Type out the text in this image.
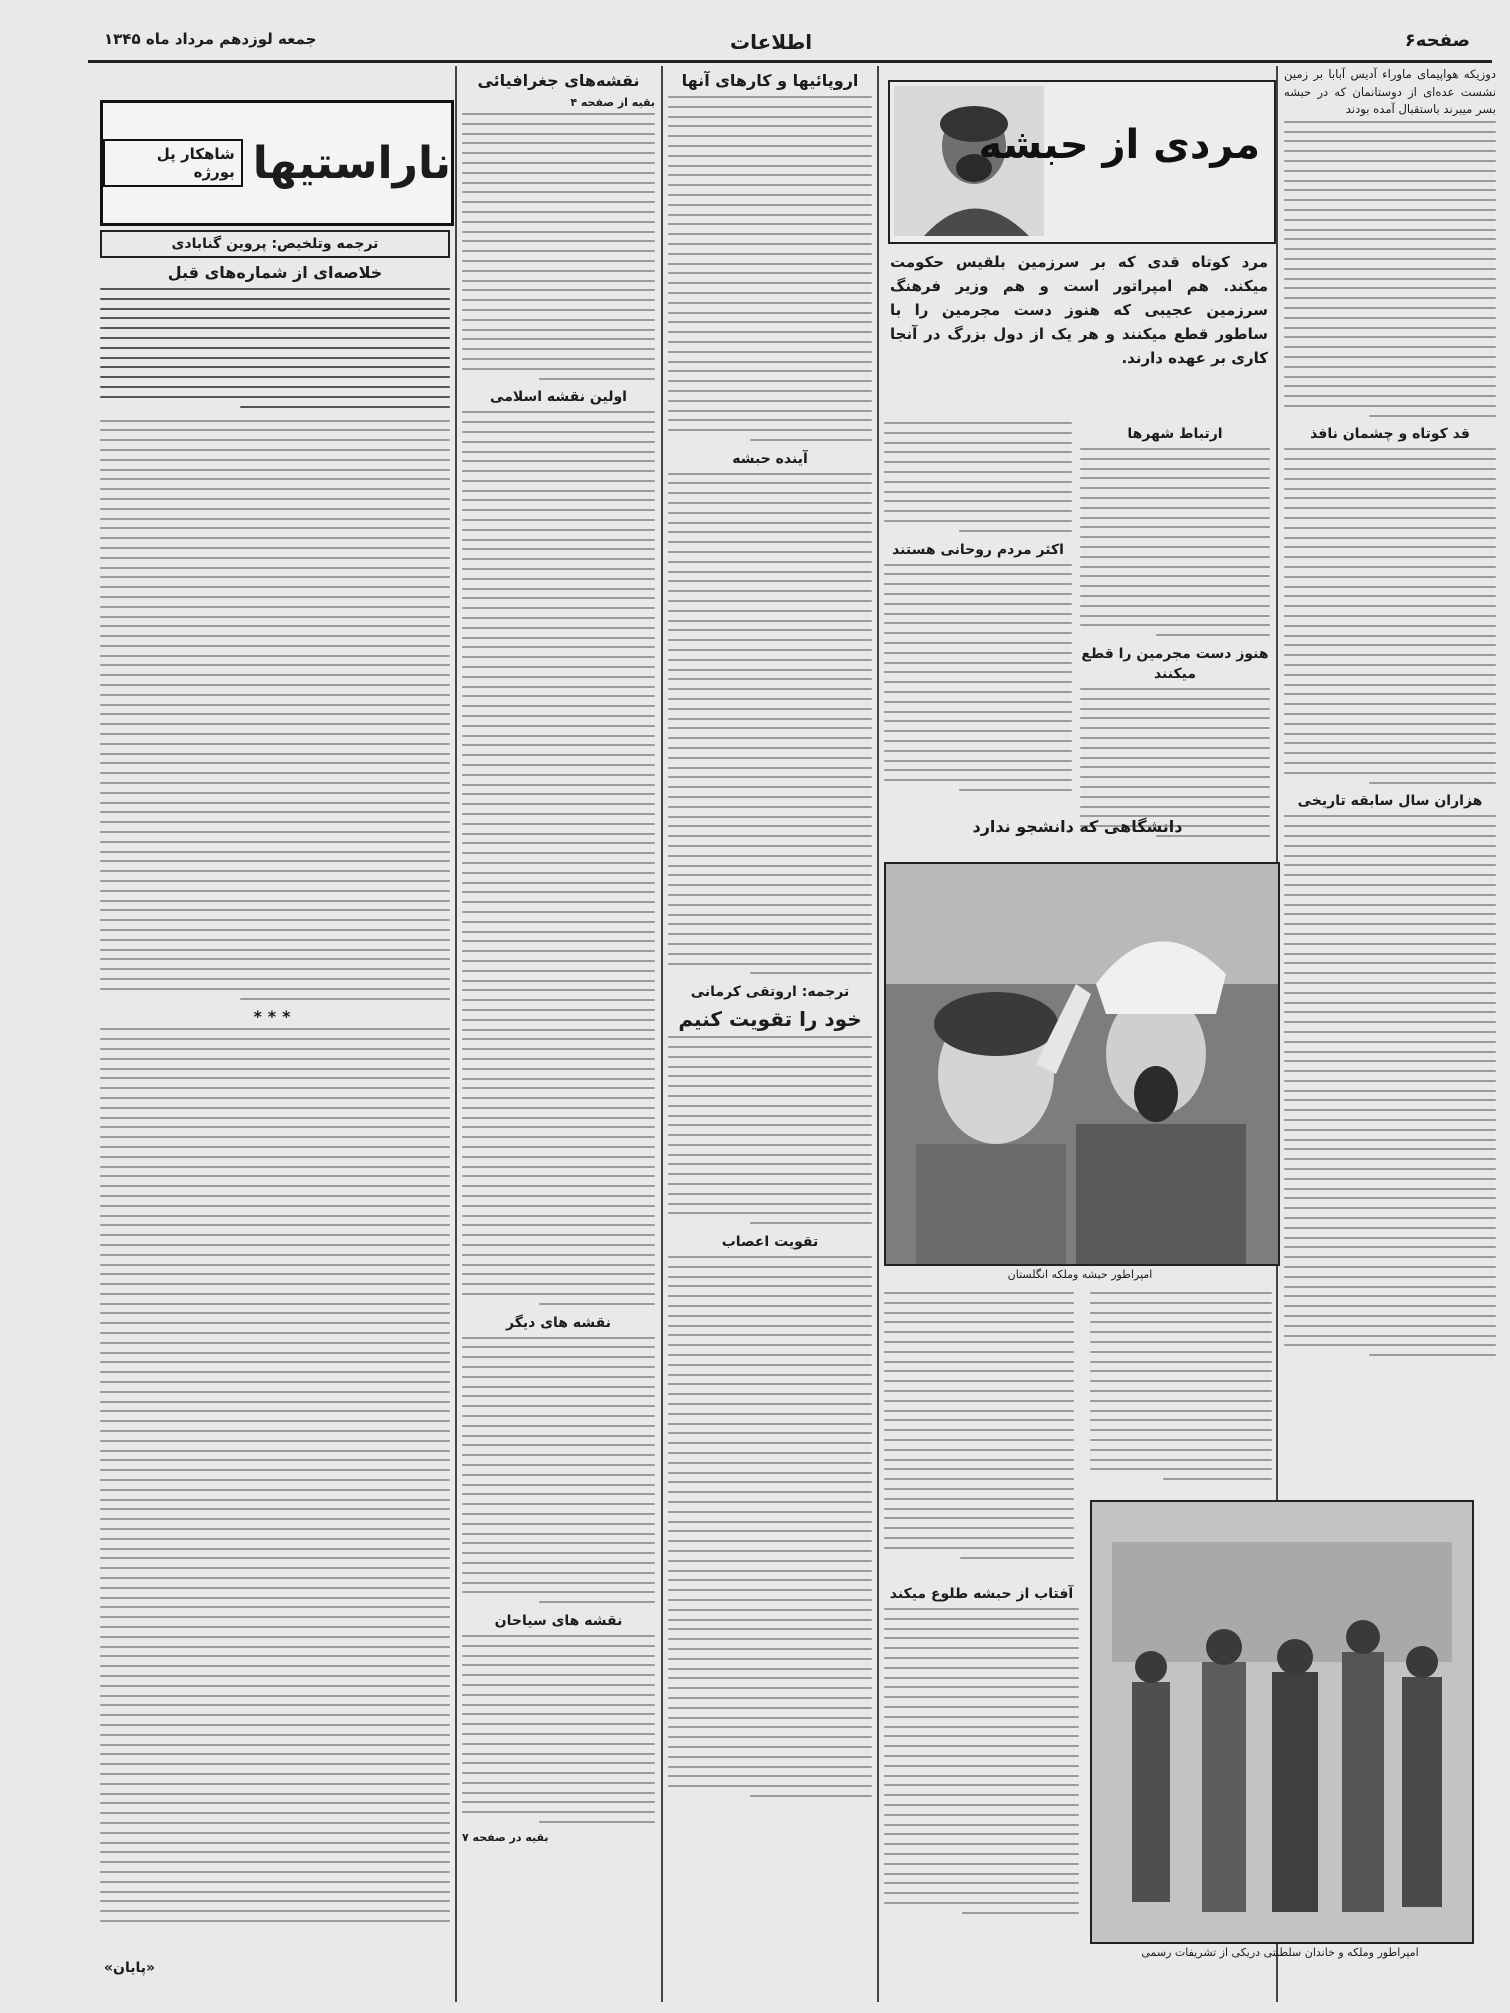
صفحه۶
اطلاعات
جمعه لوزدهم مرداد ماه ۱۳۴۵

دوزیکه هواپیمای ماوراء آدیس آبابا بر زمین نشست عده‌ای از دوستانمان که در حبشه بسر میبرند باستقبال آمده بودند

قد کوتاه و چشمان نافذ
هزاران سال سابقه تاریخی
مردی از حبشه

مرد کوتاه قدی که بر سرزمین بلقیس حکومت میکند. هم امپراتور است و هم وزیر فرهنگ سرزمین عجیبی که هنوز دست مجرمین را با ساطور قطع میکنند و هر یک از دول بزرگ در آنجا کاری بر عهده دارند.

ارتباط شهرها
هنوز دست مجرمین را قطع میکنند
اکثر مردم روحانی هستند
دانشگاهی که دانشجو ندارد
امپراطور حبشه وملکه انگلستان
امپراطور وملکه و خاندان سلطنتی دریکی از تشریفات رسمی
آفتاب از حبشه طلوع میکند
اروپائیها و کارهای آنها
آینده حبشه
ترجمه: اروتقی کرمانی
خود را تقویت کنیم
تقویت اعصاب
نقشه‌های جغرافیائی
بقیه از صفحه ۴
اولین نقشه اسلامی
نقشه های دیگر
نقشه های سیاحان
بقیه در صفحه ۷
ناراستیها
شاهکار پل بورژه
ترجمه وتلخیص: پروین گنابادی
خلاصه‌ای از شماره‌های قبل
***
«پایان»
